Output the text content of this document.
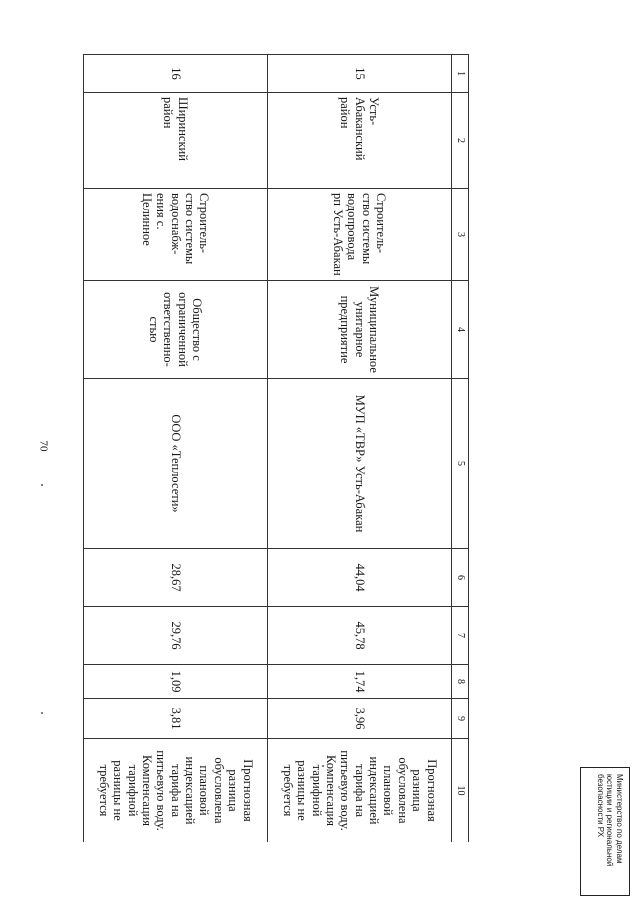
70
1	2	3	4	5	6	7	8	9	10
15	Усть-Абаканский район	Строитель-ство системы водопровода рп Усть-Абакан	Муниципальное унитарное предприятие	МУП «ТВР» Усть-Абакан	44,04	45,78	1,74	3,96	Прогнозная разница обусловлена плановой индексацией тарифа на питьевую воду. Компенсация тарифной разницы не требуется
16	Ширинский район	Строитель-ство системы водоснабж-ения с. Целинное	Общество с ограниченной ответственно-стью	ООО «Теплосети»	28,67	29,76	1,09	3,81	Прогнозная разница обусловлена плановой индексацией тарифа на питьевую воду. Компенсация тарифной разницы не требуется	Министерство по делам
юстиции и региональной
безопасности РХ
